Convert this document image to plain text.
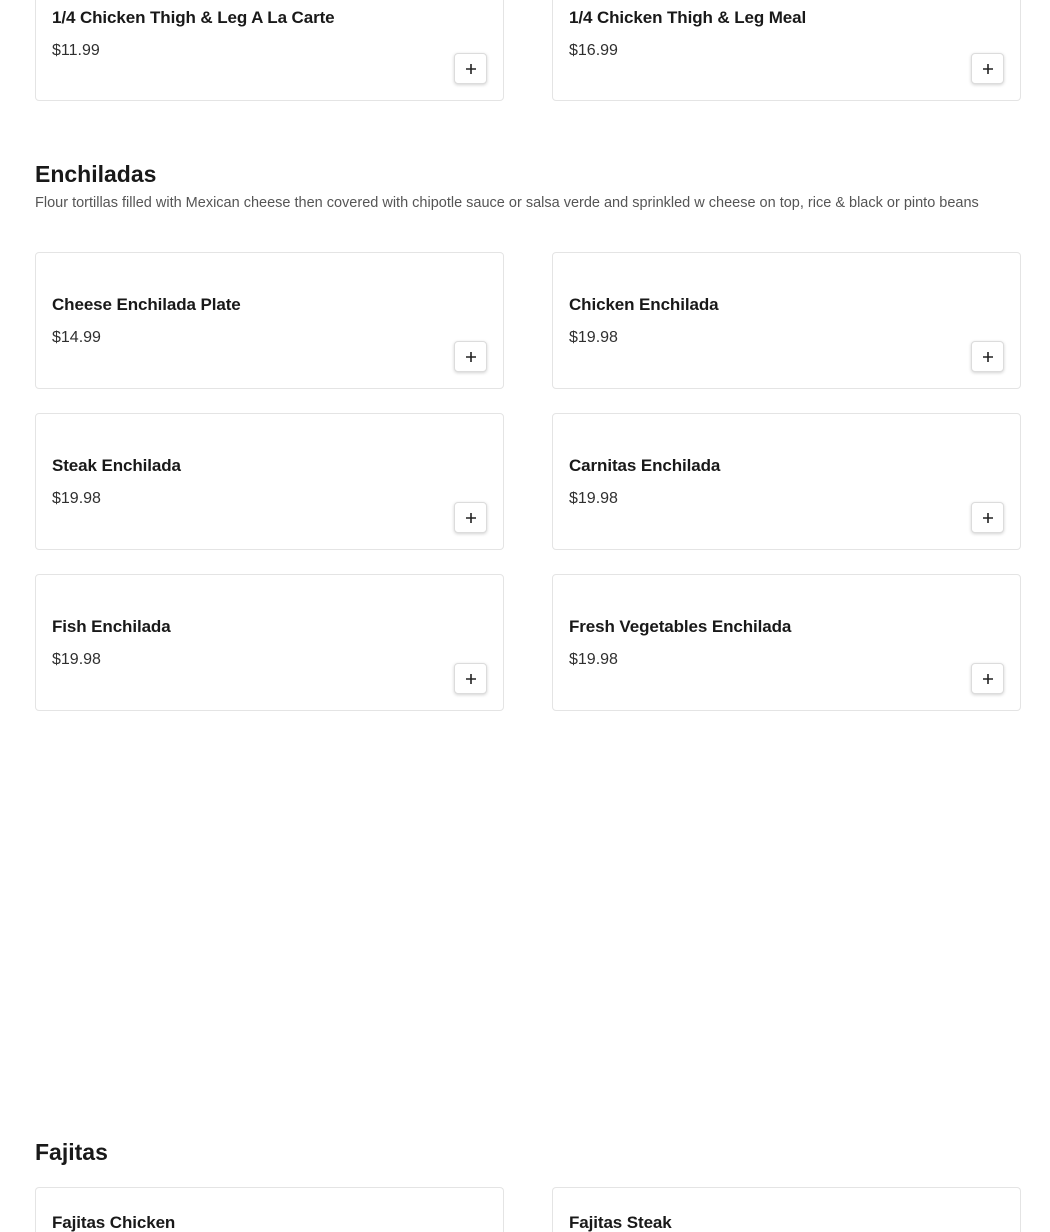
1/4 Chicken Thigh & Leg A La Carte
$11.99
1/4 Chicken Thigh & Leg Meal
$16.99
Enchiladas

Flour tortillas filled with Mexican cheese then covered with chipotle sauce or salsa verde and sprinkled w cheese on top, rice & black or pinto beans

Cheese Enchilada Plate
$14.99
Chicken Enchilada
$19.98
Steak Enchilada
$19.98
Carnitas Enchilada
$19.98
Fish Enchilada
$19.98
Fresh Vegetables Enchilada
$19.98
Fajitas
Fajitas Chicken	Fajitas Steak
